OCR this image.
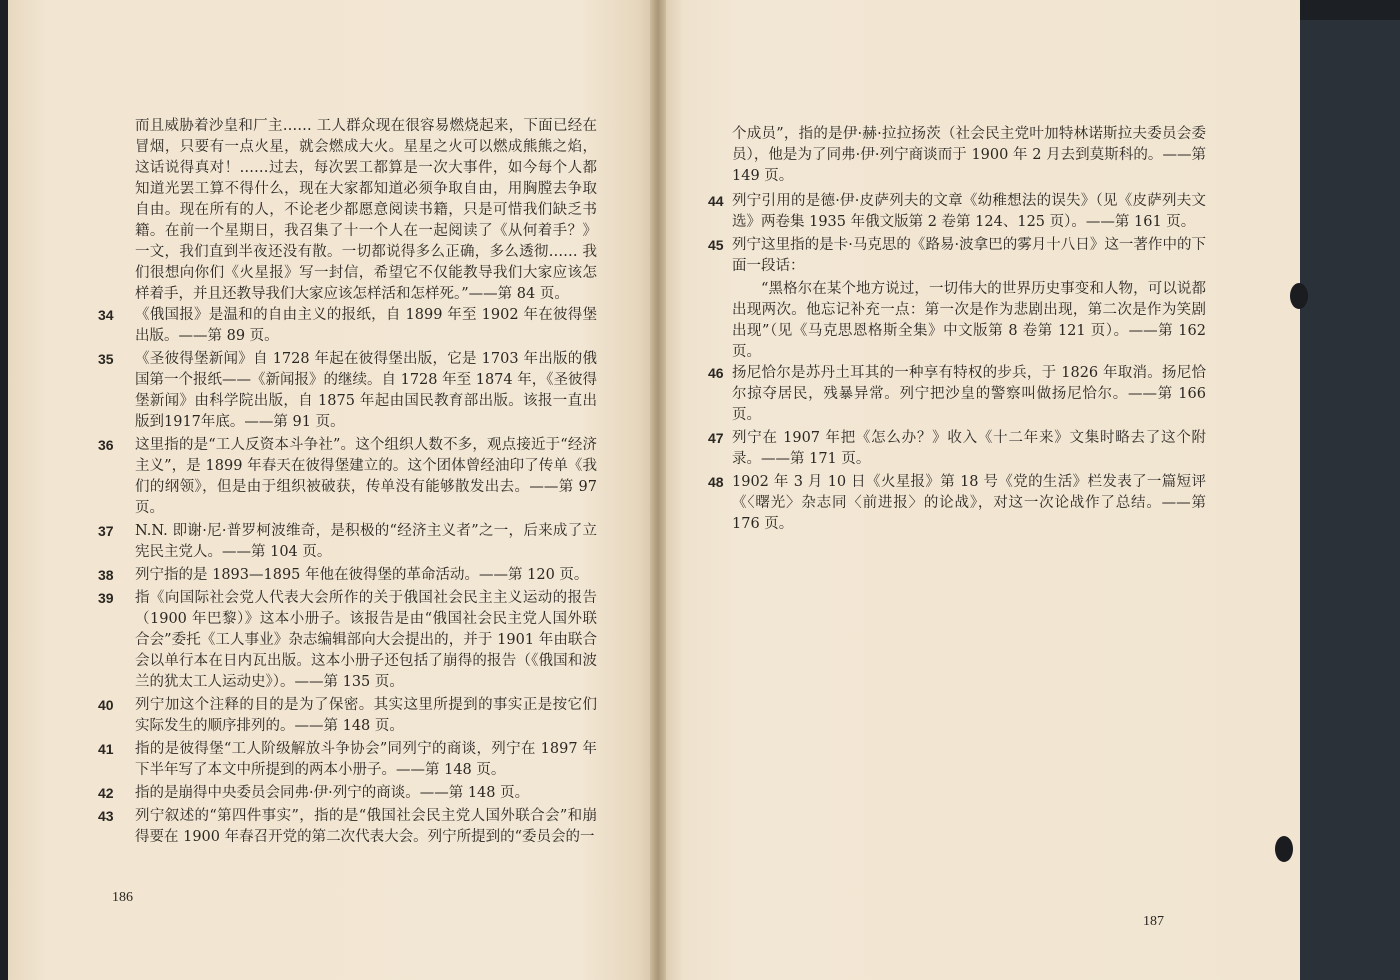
而且威胁着沙皇和厂主…… 工人群众现在很容易燃烧起来，下面已经在冒烟，只要有一点火星，就会燃成大火。星星之火可以燃成熊熊之焰，这话说得真对！……过去，每次罢工都算是一次大事件，如今每个人都知道光罢工算不得什么，现在大家都知道必须争取自由，用胸膛去争取自由。现在所有的人，不论老少都愿意阅读书籍，只是可惜我们缺乏书籍。在前一个星期日，我召集了十一个人在一起阅读了《从何着手？》一文，我们直到半夜还没有散。一切都说得多么正确，多么透彻…… 我们很想向你们《火星报》写一封信，希望它不仅能教导我们大家应该怎样着手，并且还教导我们大家应该怎样活和怎样死。”——第 84 页。

34	《俄国报》是温和的自由主义的报纸，自 1899 年至 1902 年在彼得堡出版。——第 89 页。
35	《圣彼得堡新闻》自 1728 年起在彼得堡出版，它是 1703 年出版的俄国第一个报纸——《新闻报》的继续。自 1728 年至 1874 年，《圣彼得堡新闻》由科学院出版，自 1875 年起由国民教育部出版。该报一直出版到1917年底。——第 91 页。
36	这里指的是“工人反资本斗争社”。这个组织人数不多，观点接近于“经济主义”，是 1899 年春天在彼得堡建立的。这个团体曾经油印了传单《我们的纲领》，但是由于组织被破获，传单没有能够散发出去。——第 97 页。
37	N.N. 即谢·尼·普罗柯波维奇，是积极的“经济主义者”之一，后来成了立宪民主党人。——第 104 页。
38	列宁指的是 1893—1895 年他在彼得堡的革命活动。——第 120 页。
39	指《向国际社会党人代表大会所作的关于俄国社会民主主义运动的报告（1900 年巴黎）》这本小册子。该报告是由“俄国社会民主党人国外联合会”委托《工人事业》杂志编辑部向大会提出的，并于 1901 年由联合会以单行本在日内瓦出版。这本小册子还包括了崩得的报告（《俄国和波兰的犹太工人运动史》）。——第 135 页。
40	列宁加这个注释的目的是为了保密。其实这里所提到的事实正是按它们实际发生的顺序排列的。——第 148 页。
41	指的是彼得堡“工人阶级解放斗争协会”同列宁的商谈，列宁在 1897 年下半年写了本文中所提到的两本小册子。——第 148 页。
42	指的是崩得中央委员会同弗·伊·列宁的商谈。——第 148 页。
43	列宁叙述的“第四件事实”，指的是“俄国社会民主党人国外联合会”和崩得要在 1900 年春召开党的第二次代表大会。列宁所提到的“委员会的一
186

个成员”，指的是伊·赫·拉拉扬茨（社会民主党叶加特林诺斯拉夫委员会委员），他是为了同弗·伊·列宁商谈而于 1900 年 2 月去到莫斯科的。——第 149 页。

44 列宁引用的是德·伊·皮萨列夫的文章《幼稚想法的误失》（见《皮萨列夫文选》两卷集 1935 年俄文版第 2 卷第 124、125 页）。——第 161 页。
45 列宁这里指的是卡·马克思的《路易·波拿巴的雾月十八日》这一著作中的下面一段话：

“黑格尔在某个地方说过，一切伟大的世界历史事变和人物，可以说都出现两次。他忘记补充一点：第一次是作为悲剧出现，第二次是作为笑剧出现”（见《马克思恩格斯全集》中文版第 8 卷第 121 页）。——第 162 页。

46 扬尼恰尔是苏丹土耳其的一种享有特权的步兵，于 1826 年取消。扬尼恰尔掠夺居民，残暴异常。列宁把沙皇的警察叫做扬尼恰尔。——第 166 页。
47 列宁在 1907 年把《怎么办？》收入《十二年来》文集时略去了这个附录。——第 171 页。
48 1902 年 3 月 10 日《火星报》第 18 号《党的生活》栏发表了一篇短评《〈曙光〉杂志同〈前进报〉的论战》，对这一次论战作了总结。——第 176 页。
187
